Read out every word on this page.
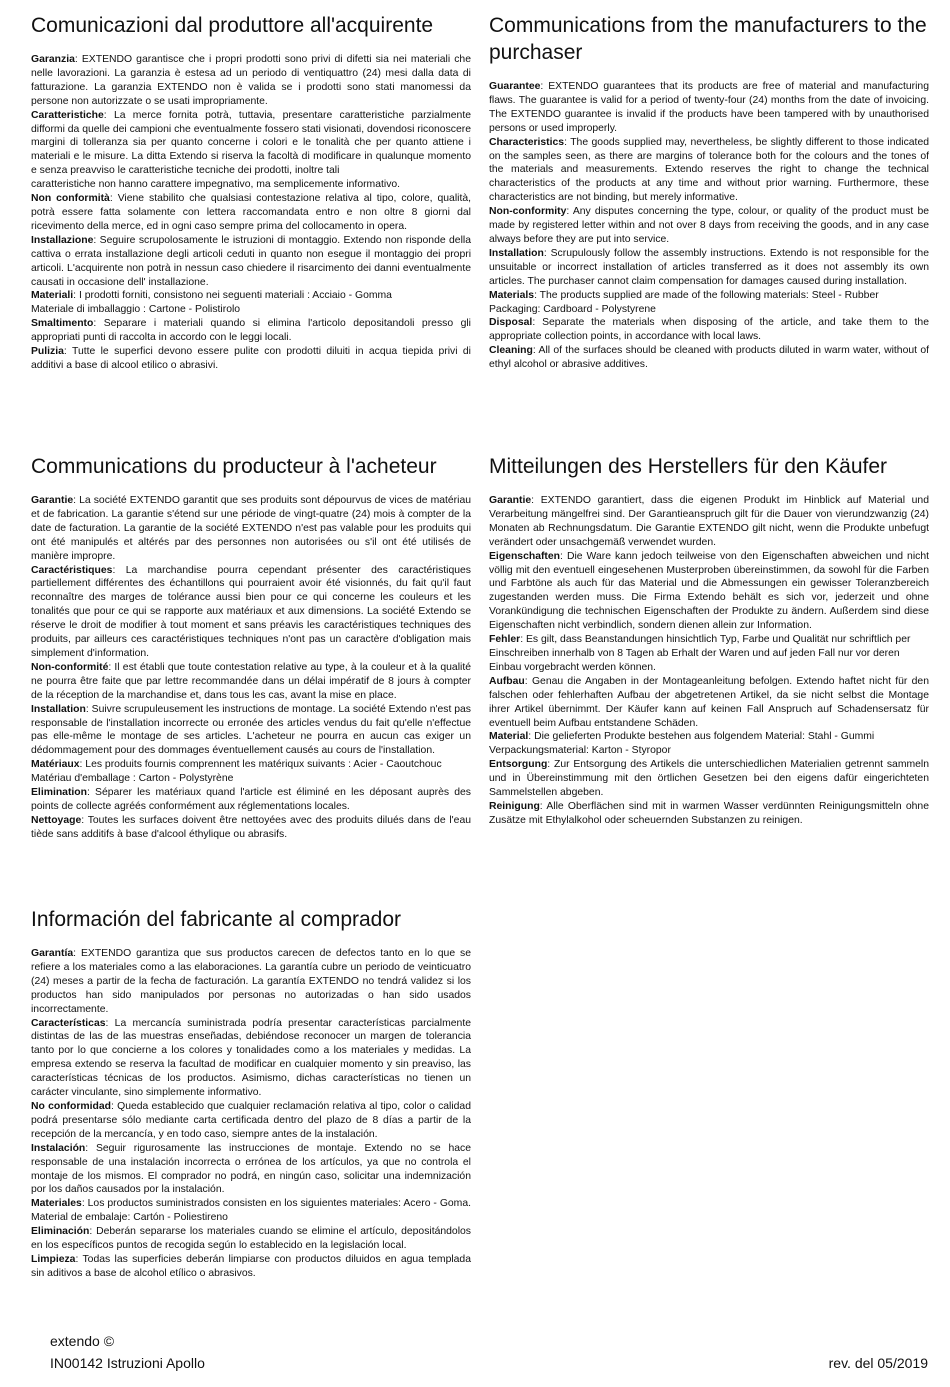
Comunicazioni dal produttore all'acquirente

Garanzia: EXTENDO garantisce che i propri prodotti sono privi di difetti sia nei materiali che nelle lavorazioni. La garanzia è estesa ad un periodo di ventiquattro (24) mesi dalla data di fatturazione. La garanzia EXTENDO non è valida se i prodotti sono stati manomessi da persone non autorizzate o se usati impropriamente.

Caratteristiche: La merce fornita potrà, tuttavia, presentare caratteristiche parzialmente difformi da quelle dei campioni che eventualmente fossero stati visionati, dovendosi riconoscere margini di tolleranza sia per quanto concerne i colori e le tonalità che per quanto attiene i materiali e le misure. La ditta Extendo si riserva la facoltà di modificare in qualunque momento e senza preavviso le caratteristiche tecniche dei prodotti, inoltre tali

caratteristiche non hanno carattere impegnativo, ma semplicemente informativo.

Non conformità: Viene stabilito che qualsiasi contestazione relativa al tipo, colore, qualità, potrà essere fatta solamente con lettera raccomandata entro e non oltre 8 giorni dal ricevimento della merce, ed in ogni caso sempre prima del collocamento in opera.

Installazione: Seguire scrupolosamente le istruzioni di montaggio. Extendo non risponde della cattiva o errata installazione degli articoli ceduti in quanto non esegue il montaggio dei propri articoli. L'acquirente non potrà in nessun caso chiedere il risarcimento dei danni eventualmente causati in occasione dell' installazione.

Materiali: I prodotti forniti, consistono nei seguenti materiali : Acciaio - Gomma

Materiale di imballaggio : Cartone - Polistirolo

Smaltimento: Separare i materiali quando si elimina l'articolo depositandoli presso gli appropriati punti di raccolta in accordo con le leggi locali.

Pulizia: Tutte le superfici devono essere pulite con prodotti diluiti in acqua tiepida privi di additivi a base di alcool etilico o abrasivi.

Communications from the manufacturers to the purchaser

Guarantee: EXTENDO guarantees that its products are free of material and manufacturing flaws. The guarantee is valid for a period of twenty-four (24) months from the date of invoicing. The EXTENDO guarantee is invalid if the products have been tampered with by unauthorised persons or used improperly.

Characteristics: The goods supplied may, nevertheless, be slightly different to those indicated on the samples seen, as there are margins of tolerance both for the colours and the tones of the materials and measurements. Extendo reserves the right to change the technical characteristics of the products at any time and without prior warning. Furthermore, these characteristics are not binding, but merely informative.

Non-conformity: Any disputes concerning the type, colour, or quality of the product must be made by registered letter within and not over 8 days from receiving the goods, and in any case always before they are put into service.

Installation: Scrupulously follow the assembly instructions. Extendo is not responsible for the unsuitable or incorrect installation of articles transferred as it does not assembly its own articles. The purchaser cannot claim compensation for damages caused during installation.

Materials: The products supplied are made of the following materials: Steel - Rubber

Packaging: Cardboard - Polystyrene

Disposal: Separate the materials when disposing of the article, and take them to the appropriate collection points, in accordance with local laws.

Cleaning: All of the surfaces should be cleaned with products diluted in warm water, without of ethyl alcohol or abrasive additives.

Communications du producteur à l'acheteur

Garantie: La société EXTENDO garantit que ses produits sont dépourvus de vices de matériau et de fabrication. La garantie s'étend sur une période de vingt-quatre (24) mois à compter de la date de facturation. La garantie de la société EXTENDO n'est pas valable pour les produits qui ont été manipulés et altérés par des personnes non autorisées ou s'il ont été utilisés de manière impropre.

Caractéristiques: La marchandise pourra cependant présenter des caractéristiques partiellement différentes des échantillons qui pourraient avoir été visionnés, du fait qu'il faut reconnaître des marges de tolérance aussi bien pour ce qui concerne les couleurs et les tonalités que pour ce qui se rapporte aux matériaux et aux dimensions. La société Extendo se réserve le droit de modifier à tout moment et sans préavis les caractéristiques techniques des produits, par ailleurs ces caractéristiques techniques n'ont pas un caractère d'obligation mais simplement d'information.

Non-conformité: Il est établi que toute contestation relative au type, à la couleur et à la qualité ne pourra être faite que par lettre recommandée dans un délai impératif de 8 jours à compter de la réception de la marchandise et, dans tous les cas, avant la mise en place.

Installation: Suivre scrupuleusement les instructions de montage. La société Extendo n'est pas responsable de l'installation incorrecte ou erronée des articles vendus du fait qu'elle n'effectue pas elle-même le montage de ses articles. L'acheteur ne pourra en aucun cas exiger un dédommagement pour des dommages éventuellement causés au cours de l'installation.

Matériaux: Les produits fournis comprennent les matériqux suivants : Acier - Caoutchouc

Matériau d'emballage : Carton - Polystyrène

Elimination: Séparer les matériaux quand l'article est éliminé en les déposant auprès des points de collecte agréés conformément aux réglementations locales.

Nettoyage: Toutes les surfaces doivent être nettoyées avec des produits dilués dans de l'eau tiède sans additifs à base d'alcool éthylique ou abrasifs.

Mitteilungen des Herstellers für den Käufer

Garantie: EXTENDO garantiert, dass die eigenen Produkt im Hinblick auf Material und Verarbeitung mängelfrei sind. Der Garantieanspruch gilt für die Dauer von vierundzwanzig (24) Monaten ab Rechnungsdatum. Die Garantie EXTENDO gilt nicht, wenn die Produkte unbefugt verändert oder unsachgemäß verwendet wurden.

Eigenschaften: Die Ware kann jedoch teilweise von den Eigenschaften abweichen und nicht völlig mit den eventuell eingesehenen Musterproben übereinstimmen, da sowohl für die Farben und Farbtöne als auch für das Material und die Abmessungen ein gewisser Toleranzbereich zugestanden werden muss. Die Firma Extendo behält es sich vor, jederzeit und ohne Vorankündigung die technischen Eigenschaften der Produkte zu ändern. Außerdem sind diese Eigenschaften nicht verbindlich, sondern dienen allein zur Information.

Fehler: Es gilt, dass Beanstandungen hinsichtlich Typ, Farbe und Qualität nur schriftlich per

Einschreiben innerhalb von 8 Tagen ab Erhalt der Waren und auf jeden Fall nur vor deren

Einbau vorgebracht werden können.

Aufbau: Genau die Angaben in der Montageanleitung befolgen. Extendo haftet nicht für den falschen oder fehlerhaften Aufbau der abgetretenen Artikel, da sie nicht selbst die Montage ihrer Artikel übernimmt. Der Käufer kann auf keinen Fall Anspruch auf Schadensersatz für eventuell beim Aufbau entstandene Schäden.

Material: Die gelieferten Produkte bestehen aus folgendem Material: Stahl - Gummi

Verpackungsmaterial: Karton - Styropor

Entsorgung: Zur Entsorgung des Artikels die unterschiedlichen Materialien getrennt sammeln und in Übereinstimmung mit den örtlichen Gesetzen bei den eigens dafür eingerichteten Sammelstellen abgeben.

Reinigung: Alle Oberflächen sind mit in warmen Wasser verdünnten Reinigungsmitteln ohne Zusätze mit Ethylalkohol oder scheuernden Substanzen zu reinigen.

Información del fabricante al comprador

Garantía: EXTENDO garantiza que sus productos carecen de defectos tanto en lo que se refiere a los materiales como a las elaboraciones. La garantía cubre un periodo de veinticuatro (24) meses a partir de la fecha de facturación. La garantía EXTENDO no tendrá validez si los productos han sido manipulados por personas no autorizadas o han sido usados incorrectamente.

Características: La mercancía suministrada podría presentar características parcialmente distintas de las de las muestras enseñadas, debiéndose reconocer un margen de tolerancia tanto por lo que concierne a los colores y tonalidades como a los materiales y medidas. La empresa extendo se reserva la facultad de modificar en cualquier momento y sin preaviso, las características técnicas de los productos. Asimismo, dichas características no tienen un carácter vinculante, sino simplemente informativo.

No conformidad: Queda establecido que cualquier reclamación relativa al tipo, color o calidad podrá presentarse sólo mediante carta certificada dentro del plazo de 8 días a partir de la recepción de la mercancía, y en todo caso, siempre antes de la instalación.

Instalación: Seguir rigurosamente las instrucciones de montaje. Extendo no se hace responsable de una instalación incorrecta o errónea de los artículos, ya que no controla el montaje de los mismos. El comprador no podrá, en ningún caso, solicitar una indemnización por los daños causados por la instalación.

Materiales: Los productos suministrados consisten en los siguientes materiales: Acero - Goma. Material de embalaje: Cartón - Poliestireno

Eliminación: Deberán separarse los materiales cuando se elimine el artículo, depositándolos en los específicos puntos de recogida según lo establecido en la legislación local.

Limpieza: Todas las superficies deberán limpiarse con productos diluidos en agua templada sin aditivos a base de alcohol etílico o abrasivos.

extendo ©
IN00142 Istruzioni Apollo	rev. del 05/2019
